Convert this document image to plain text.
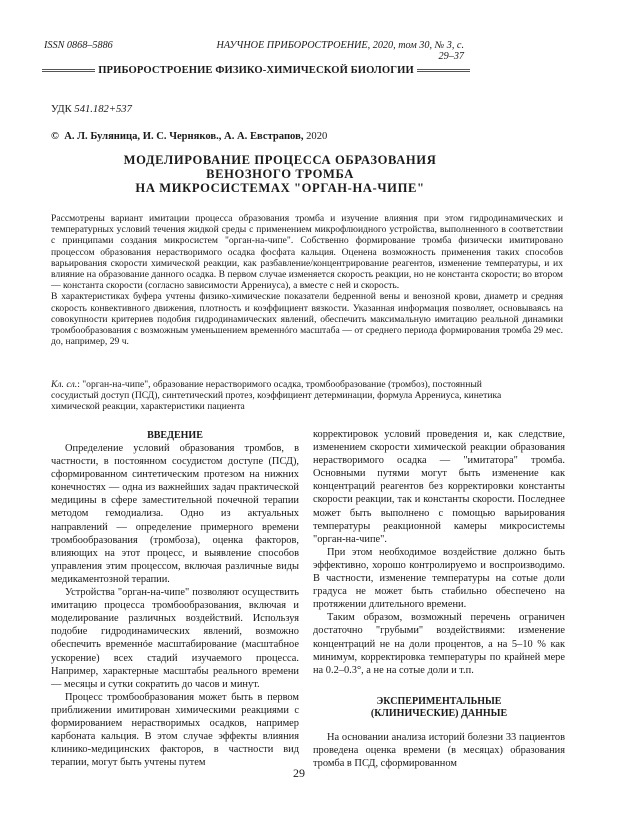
ISSN 0868–5886	НАУЧНОЕ ПРИБОРОСТРОЕНИЕ, 2020, том 30, № 3, с. 29–37
ПРИБОРОСТРОЕНИЕ ФИЗИКО-ХИМИЧЕСКОЙ БИОЛОГИИ
УДК 541.182+537
© А. Л. Буляница, И. С. Черняков., А. А. Евстрапов, 2020
МОДЕЛИРОВАНИЕ ПРОЦЕССА ОБРАЗОВАНИЯ
ВЕНОЗНОГО ТРОМБА
НА МИКРОСИСТЕМАХ "ОРГАН-НА-ЧИПЕ"

Рассмотрены вариант имитации процесса образования тромба и изучение влияния при этом гидродинамических и температурных условий течения жидкой среды с применением микрофлюидного устройства, выполненного в соответствии с принципами создания микросистем "орган-на-чипе". Собственно формирование тромба физически имитировано процессом образования нерастворимого осадка фосфата кальция. Оценена возможность применения таких способов варьирования скорости химической реакции, как разбавление/концентрирование реагентов, изменение температуры, и их влияние на образование данного осадка. В первом случае изменяется скорость реакции, но не константа скорости; во втором — константа скорости (согласно зависимости Аррениуса), а вместе с ней и скорость.

В характеристиках буфера учтены физико-химические показатели бедренной вены и венозной крови, диаметр и средняя скорость конвективного движения, плотность и коэффициент вязкости. Указанная информация позволяет, основываясь на совокупности критериев подобия гидродинамических явлений, обеспечить максимальную имитацию реальной динамики тромбообразования с возможным уменьшением временнóго масштаба — от среднего периода формирования тромба 29 мес. до, например, 29 ч.

Кл. сл.: "орган-на-чипе", образование нерастворимого осадка, тромбообразование (тромбоз), постоянный сосудистый доступ (ПСД), синтетический протез, коэффициент детерминации, формула Аррениуса, кинетика химической реакции, характеристики пациента

ВВЕДЕНИЕ

Определение условий образования тромбов, в частности, в постоянном сосудистом доступе (ПСД), сформированном синтетическим протезом на нижних конечностях — одна из важнейших задач практической медицины в сфере заместительной почечной терапии методом гемодиализа. Одно из актуальных направлений — определение примерного времени тромбообразования (тромбоза), оценка факторов, влияющих на этот процесс, и выявление способов управления этим процессом, включая различные виды медикаментозной терапии.

Устройства "орган-на-чипе" позволяют осуществить имитацию процесса тромбообразования, включая и моделирование различных воздействий. Используя подобие гидродинамических явлений, возможно обеспечить временнóе масштабирование (масштабное ускорение) всех стадий изучаемого процесса. Например, характерные масштабы реального времени — месяцы и сутки сократить до часов и минут.

Процесс тромбообразования может быть в первом приближении имитирован химическими реакциями с формированием нерастворимых осадков, например карбоната кальция. В этом случае эффекты влияния клинико-медицинских факторов, в частности вид терапии, могут быть учтены путем

корректировок условий проведения и, как следствие, изменением скорости химической реакции образования нерастворимого осадка — "имитатора" тромба. Основными путями могут быть изменение как концентраций реагентов без корректировки константы скорости реакции, так и константы скорости. Последнее может быть выполнено с помощью варьирования температуры реакционной камеры микросистемы "орган-на-чипе".

При этом необходимое воздействие должно быть эффективно, хорошо контролируемо и воспроизводимо. В частности, изменение температуры на сотые доли градуса не может быть стабильно обеспечено на протяжении длительного времени.

Таким образом, возможный перечень ограничен достаточно "грубыми" воздействиями: изменение концентраций не на доли процентов, а на 5–10 % как минимум, корректировка температуры по крайней мере на 0.2–0.3°, а не на сотые доли и т.п.

ЭКСПЕРИМЕНТАЛЬНЫЕ
(КЛИНИЧЕСКИЕ) ДАННЫЕ

На основании анализа историй болезни 33 пациентов проведена оценка времени (в месяцах) образования тромба в ПСД, сформированном

29
